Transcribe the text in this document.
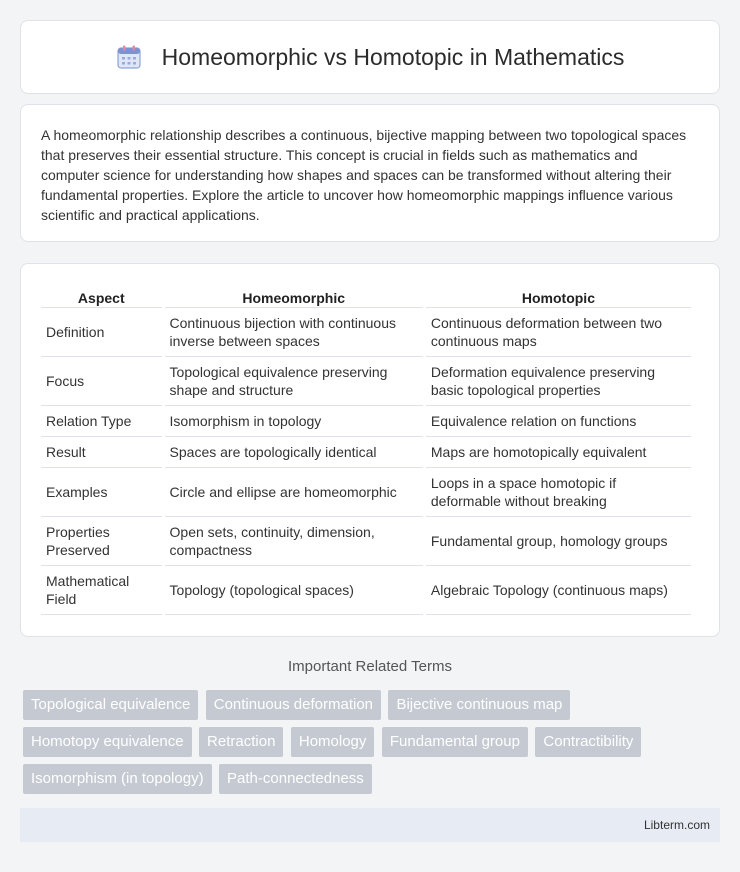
Homeomorphic vs Homotopic in Mathematics

A homeomorphic relationship describes a continuous, bijective mapping between two topological spaces that preserves their essential structure. This concept is crucial in fields such as mathematics and computer science for understanding how shapes and spaces can be transformed without altering their fundamental properties. Explore the article to uncover how homeomorphic mappings influence various scientific and practical applications.

Aspect	Homeomorphic	Homotopic
Definition	Continuous bijection with continuous inverse between spaces	Continuous deformation between two continuous maps
Focus	Topological equivalence preserving shape and structure	Deformation equivalence preserving basic topological properties
Relation Type	Isomorphism in topology	Equivalence relation on functions
Result	Spaces are topologically identical	Maps are homotopically equivalent
Examples	Circle and ellipse are homeomorphic	Loops in a space homotopic if deformable without breaking
Properties Preserved	Open sets, continuity, dimension, compactness	Fundamental group, homology groups
Mathematical Field	Topology (topological spaces)	Algebraic Topology (continuous maps)
Important Related Terms
Topological equivalence Continuous deformation Bijective continuous map Homotopy equivalence Retraction Homology Fundamental group Contractibility Isomorphism (in topology) Path-connectedness
Libterm.com
